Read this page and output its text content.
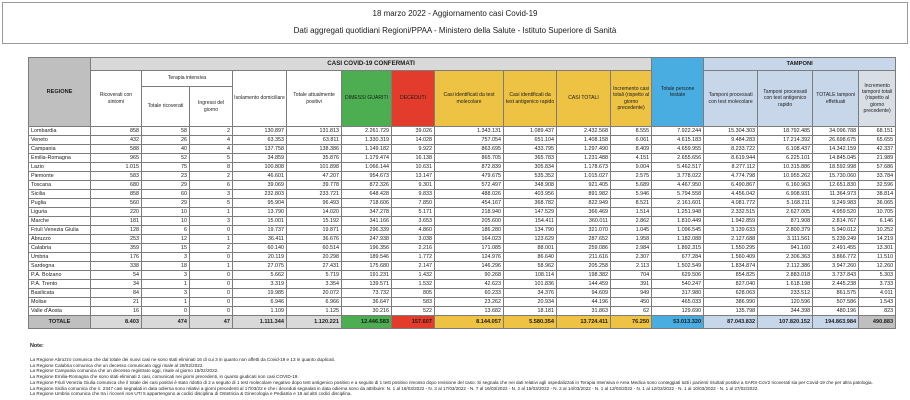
18 marzo 2022 - Aggiornamento casi Covid-19
Dati aggregati quotidiani Regioni/PPAA - Ministero della Salute - Istituto Superiore di Sanità
REGIONE	CASI COVID-19 CONFERMATI											Totale persone testate	TAMPONI			
	Ricoverati con sintomi	Terapia intensiva		Isolamento domiciliare	Totale attualmente positivi	DIMESSI GUARITI	DECEDUTI	Casi identificati da test molecolare	Casi identificati da test antigenico rapido	CASI TOTALI	Incremento casi totali (rispetto al giorno precedente)		Tamponi processati con test molecolare	Tamponi processati con test antigenico rapido	TOTALE tamponi effettuati	Incremento tamponi totali (rispetto al giorno precedente)
		Totale ricoverati	Ingressi del giorno													
Lombardia	858	58	2	130.897	131.813	2.261.729	39.026	1.343.131	1.089.437	2.432.568	8.555	7.922.244	15.304.303	18.792.485	34.096.788	68.151
Veneto	432	26	4	63.353	63.811	1.330.319	14.028	757.054	651.104	1.408.158	6.061	4.615.183	9.484.283	17.214.392	26.698.675	65.655
Campania	588	40	4	137.758	138.386	1.149.182	9.922	863.695	433.795	1.297.490	8.409	4.659.955	8.233.722	6.108.437	14.342.159	42.337
Emilia-Romagna	965	52	5	34.859	35.876	1.179.474	16.138	865.705	365.783	1.231.488	4.151	2.655.656	8.619.944	6.225.101	14.845.045	21.989
Lazio	1.015	75	8	100.808	101.898	1.066.144	10.631	872.839	305.834	1.178.673	9.004	5.462.517	8.277.112	10.315.886	18.592.998	57.686
Piemonte	583	23	2	46.601	47.207	954.673	13.147	479.675	535.352	1.015.027	2.575	3.778.022	4.774.798	10.955.262	15.730.060	33.784
Toscana	680	29	6	39.069	39.778	872.326	9.301	572.497	348.908	921.405	5.689	4.467.950	6.490.867	6.160.963	12.651.830	32.596
Sicilia	858	60	3	232.803	233.721	648.428	9.833	488.026	403.956	891.982	5.946	5.794.558	4.456.042	6.908.931	11.364.973	38.814
Puglia	560	29	5	95.904	96.493	718.606	7.850	454.167	368.782	822.949	8.521	2.161.601	4.081.772	5.168.211	9.249.983	36.065
Liguria	220	10	1	13.790	14.020	347.278	5.171	218.940	147.529	366.469	1.514	1.251.948	2.332.515	2.627.005	4.959.520	10.705
Marche	181	10	3	15.001	15.192	341.166	3.653	205.600	154.411	360.011	2.862	1.810.449	1.942.859	871.908	2.814.767	6.146
Friuli Venezia Giulia	128	6	0	19.737	19.871	296.339	4.860	186.280	134.790	321.070	1.045	1.096.545	3.139.633	2.800.379	5.940.012	10.252
Abruzzo	253	12	1	36.411	36.676	247.938	3.038	164.023	123.629	287.652	1.958	1.182.088	2.127.688	3.111.561	5.239.249	14.219
Calabria	359	15	2	60.140	60.514	196.356	2.216	171.085	88.001	259.086	2.984	1.892.315	1.550.295	941.160	2.491.455	13.301
Umbria	176	3	0	20.119	20.298	189.546	1.772	124.976	86.640	211.616	2.307	677.284	1.560.409	2.306.363	3.866.772	11.510
Sardegna	338	18	1	27.075	27.431	175.680	2.147	146.296	58.962	205.258	2.113	1.502.549	1.834.874	2.112.386	3.947.260	12.260
P.A. Bolzano	54	3	0	5.662	5.719	191.231	1.432	90.268	108.114	198.382	704	629.506	854.825	2.883.018	3.737.843	5.303
P.A. Trento	34	1	0	3.319	3.354	139.571	1.532	42.623	101.836	144.459	391	540.247	827.040	1.618.198	2.445.238	3.733
Basilicata	84	3	0	19.985	20.072	73.732	805	60.233	34.376	94.609	949	317.980	628.063	233.512	861.575	4.011
Molise	21	1	0	6.946	6.966	36.647	583	23.262	20.934	44.196	450	465.033	386.990	120.596	507.586	1.543
Valle d'Aosta	16	0	0	1.109	1.125	30.216	522	13.682	18.181	31.863	62	129.690	135.798	344.398	480.196	823
TOTALE	8.403	474	47	1.111.344	1.120.221	12.446.583	157.607	8.144.057	5.580.354	13.724.411	76.250	53.013.320	87.043.832	107.820.152	194.863.984	490.883
Note:
La Regione Abruzzo comunica che dal totale dei nuovi casi ne sono stati eliminati 16 di cui 3 in quanto non affetti da Covid-19 e 13 in quanto duplicati.
La Regione Calabria comunica che un decesso comunicato oggi risale al 28/02/2022.
La Regione Campania comunica che un decesso registrato oggi, risale al giorno 15/02/2022.
La Regione Emilia-Romagna che sono stati eliminati 2 casi, comunicati nei giorni precedenti, in quanto giudicati non casi COVID-19.
La Regione Friuli Venezia Giulia comunica che il totale dei casi positivi è stato ridotto di 2 a seguito di 1 test molecolare negativo dopo test antigenico positivo e a seguito di 1 test positivo rimosso dopo revisione del caso. Si segnala che nei dati relativi agli ospedalizzati in Terapia Intensiva e Area Medica sono conteggiati tutti i pazienti risultati positivi a SARS-CoV2 ricoverati sia per Covid-19 che per altra patologia.
La Regione Sicilia comunica che n. 2347 casi segnalati in data odierna sono relativi a giorni precedenti al 17/03/22 e che i deceduti segnalati in data odierna sono da attribuire: N. 1 al 18/03/2022 - N. 3 al 17/03/2022 - N. 7 al 16/03/2022 - N. 2 al 15/03/2022 - N. 2 al 14/03/2022 - N. 1 al 13/03/2022 - N. 1 al 12/03/2022 - N. 1 al 10/03/2022 - N. 1 al 27/02/2022.
La Regione Umbria comunica che tra i ricoveri non UTI 5 appartengono ai codici disciplina di Ostetricia & Ginecologia e Pediatria e 18 ad altri codici disciplina.
